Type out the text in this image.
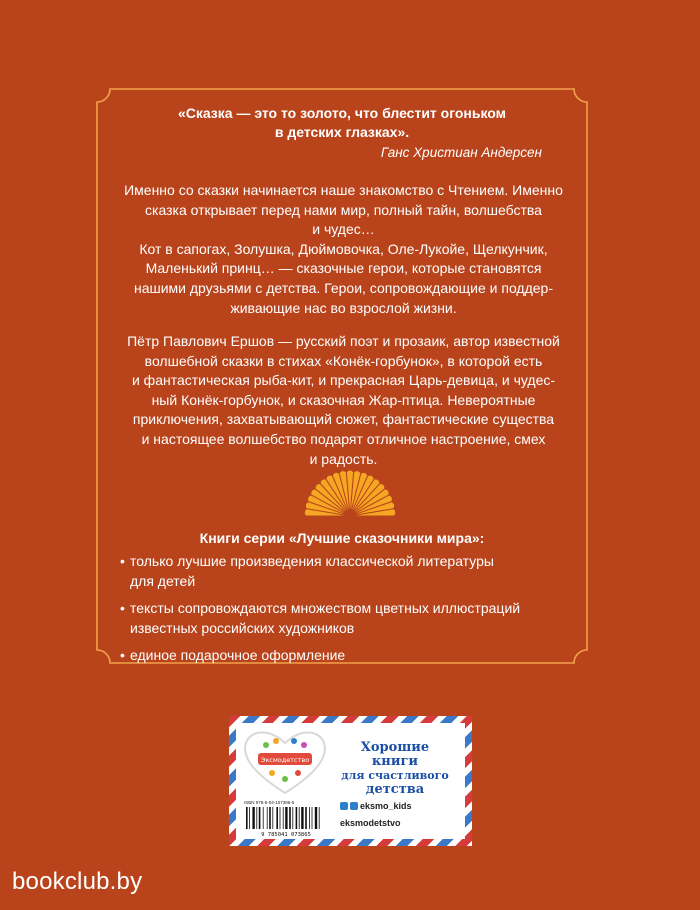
«Сказка — это то золото, что блестит огоньком
в детских глазках».
Ганс Христиан Андерсен
Именно со сказки начинается наше знакомство с Чтением. Именно
сказка открывает перед нами мир, полный тайн, волшебства
и чудес…
Кот в сапогах, Золушка, Дюймовочка, Оле-Лукойе, Щелкунчик,
Маленький принц… — сказочные герои, которые становятся
нашими друзьями с детства. Герои, сопровождающие и поддер-
живающие нас во взрослой жизни.
Пётр Павлович Ершов — русский поэт и прозаик, автор известной
волшебной сказки в стихах «Конёк-горбунок», в которой есть
и фантастическая рыба-кит, и прекрасная Царь-девица, и чудес-
ный Конёк-горбунок, и сказочная Жар-птица. Невероятные
приключения, захватывающий сюжет, фантастические существа
и настоящее волшебство подарят отличное настроение, смех
и радость.
Книги серии «Лучшие сказочники мира»:
• только лучшие произведения классической литературы
для детей
• тексты сопровождаются множеством цветных иллюстраций
известных российских художников
• единое подарочное оформление
Эксмодетство
Хорошие
книги
для счастливого
детства
ISBN 978-5-04-107386-5
9 785041 073865
eksmo_kids
eksmodetstvo
bookclub.by
